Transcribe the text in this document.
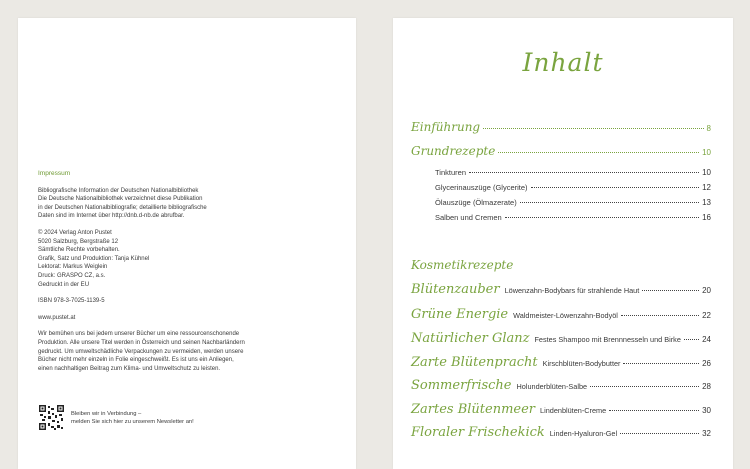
Impressum

Bibliografische Information der Deutschen Nationalbibliothek
Die Deutsche Nationalbibliothek verzeichnet diese Publikation
in der Deutschen Nationalbibliografie; detaillierte bibliografische
Daten sind im Internet über http://dnb.d-nb.de abrufbar.

© 2024 Verlag Anton Pustet
5020 Salzburg, Bergstraße 12
Sämtliche Rechte vorbehalten.
Grafik, Satz und Produktion: Tanja Kühnel
Lektorat: Markus Weiglein
Druck: GRASPO CZ, a.s.
Gedruckt in der EU

ISBN 978-3-7025-1139-5

www.pustet.at

Wir bemühen uns bei jedem unserer Bücher um eine ressourcenschonende
Produktion. Alle unsere Titel werden in Österreich und seinen Nachbarländern
gedruckt. Um umweltschädliche Verpackungen zu vermeiden, werden unsere
Bücher nicht mehr einzeln in Folie eingeschweißt. Es ist uns ein Anliegen,
einen nachhaltigen Beitrag zum Klima- und Umweltschutz zu leisten.

Bleiben wir in Verbindung –
melden Sie sich hier zu unserem Newsletter an!
Inhalt
Einführung	8
Grundrezepte	10
Tinkturen	10
Glycerinauszüge (Glycerite)	12
Ölauszüge (Ölmazerate)	13
Salben und Cremen	16
Kosmetikrezepte
Blütenzauber Löwenzahn-Bodybars für strahlende Haut	20
Grüne Energie Waldmeister-Löwenzahn-Bodyöl	22
Natürlicher Glanz Festes Shampoo mit Brennnesseln und Birke	24
Zarte Blütenpracht Kirschblüten-Bodybutter	26
Sommerfrische Holunderblüten-Salbe	28
Zartes Blütenmeer Lindenblüten-Creme	30
Floraler Frischekick Linden-Hyaluron-Gel	32
